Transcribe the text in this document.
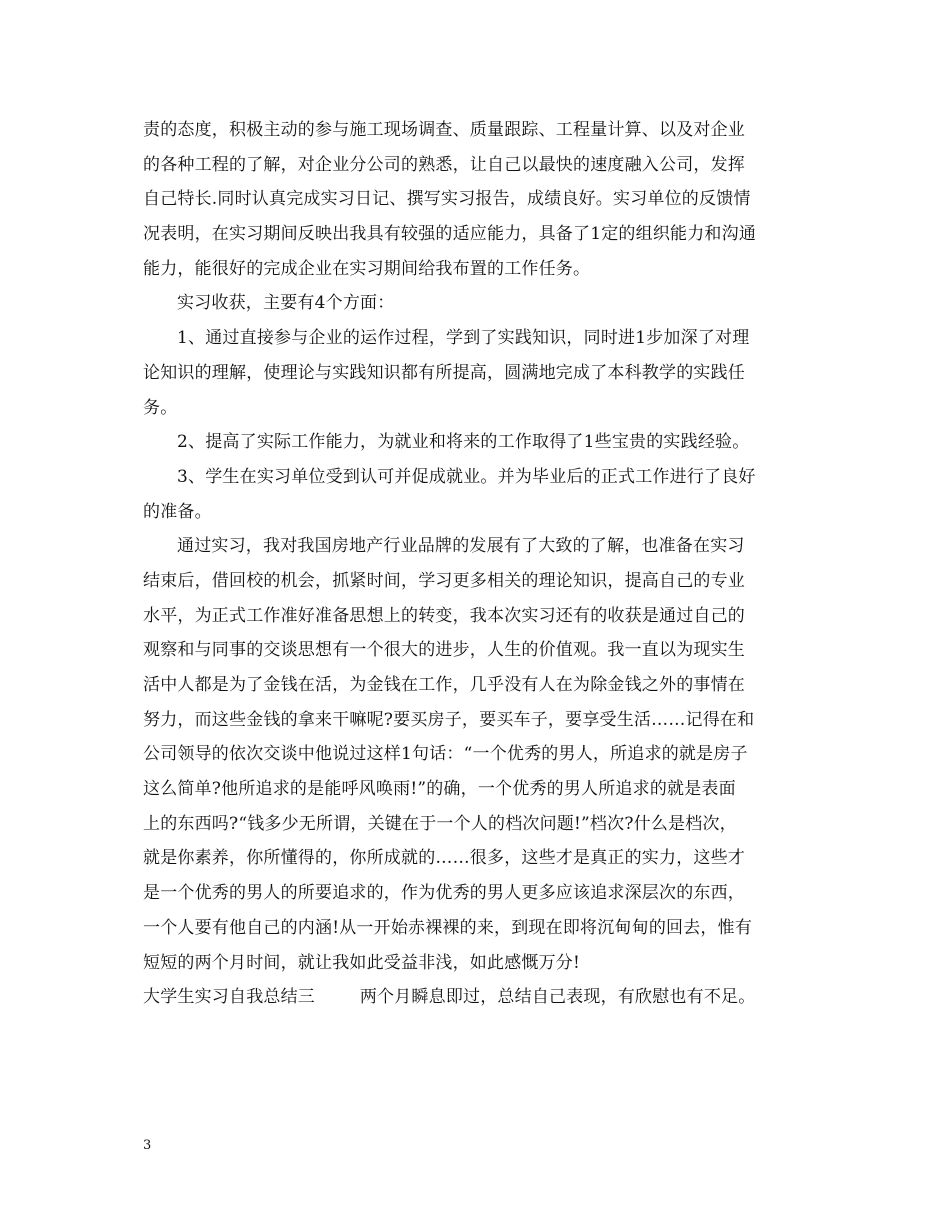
责的态度，积极主动的参与施工现场调查、质量跟踪、工程量计算、以及对企业
的各种工程的了解，对企业分公司的熟悉，让自己以最快的速度融入公司，发挥
自己特长.同时认真完成实习日记、撰写实习报告，成绩良好。实习单位的反馈情
况表明，在实习期间反映出我具有较强的适应能力，具备了1定的组织能力和沟通
能力，能很好的完成企业在实习期间给我布置的工作任务。
实习收获，主要有4个方面：
1、通过直接参与企业的运作过程，学到了实践知识，同时进1步加深了对理
论知识的理解，使理论与实践知识都有所提高，圆满地完成了本科教学的实践任
务。
2、提高了实际工作能力，为就业和将来的工作取得了1些宝贵的实践经验。
3、学生在实习单位受到认可并促成就业。并为毕业后的正式工作进行了良好
的准备。
通过实习，我对我国房地产行业品牌的发展有了大致的了解，也准备在实习
结束后，借回校的机会，抓紧时间，学习更多相关的理论知识，提高自己的专业
水平，为正式工作准好准备思想上的转变，我本次实习还有的收获是通过自己的
观察和与同事的交谈思想有一个很大的进步，人生的价值观。我一直以为现实生
活中人都是为了金钱在活，为金钱在工作，几乎没有人在为除金钱之外的事情在
努力，而这些金钱的拿来干嘛呢?要买房子，要买车子，要享受生活……记得在和
公司领导的依次交谈中他说过这样1句话：“一个优秀的男人，所追求的就是房子
这么简单?他所追求的是能呼风唤雨!”的确，一个优秀的男人所追求的就是表面
上的东西吗?“钱多少无所谓，关键在于一个人的档次问题!”档次?什么是档次，
就是你素养，你所懂得的，你所成就的……很多，这些才是真正的实力，这些才
是一个优秀的男人的所要追求的，作为优秀的男人更多应该追求深层次的东西，
一个人要有他自己的内涵!从一开始赤裸裸的来，到现在即将沉甸甸的回去，惟有
短短的两个月时间，就让我如此受益非浅，如此感慨万分!
大学生实习自我总结三        两个月瞬息即过，总结自己表现，有欣慰也有不足。
3
